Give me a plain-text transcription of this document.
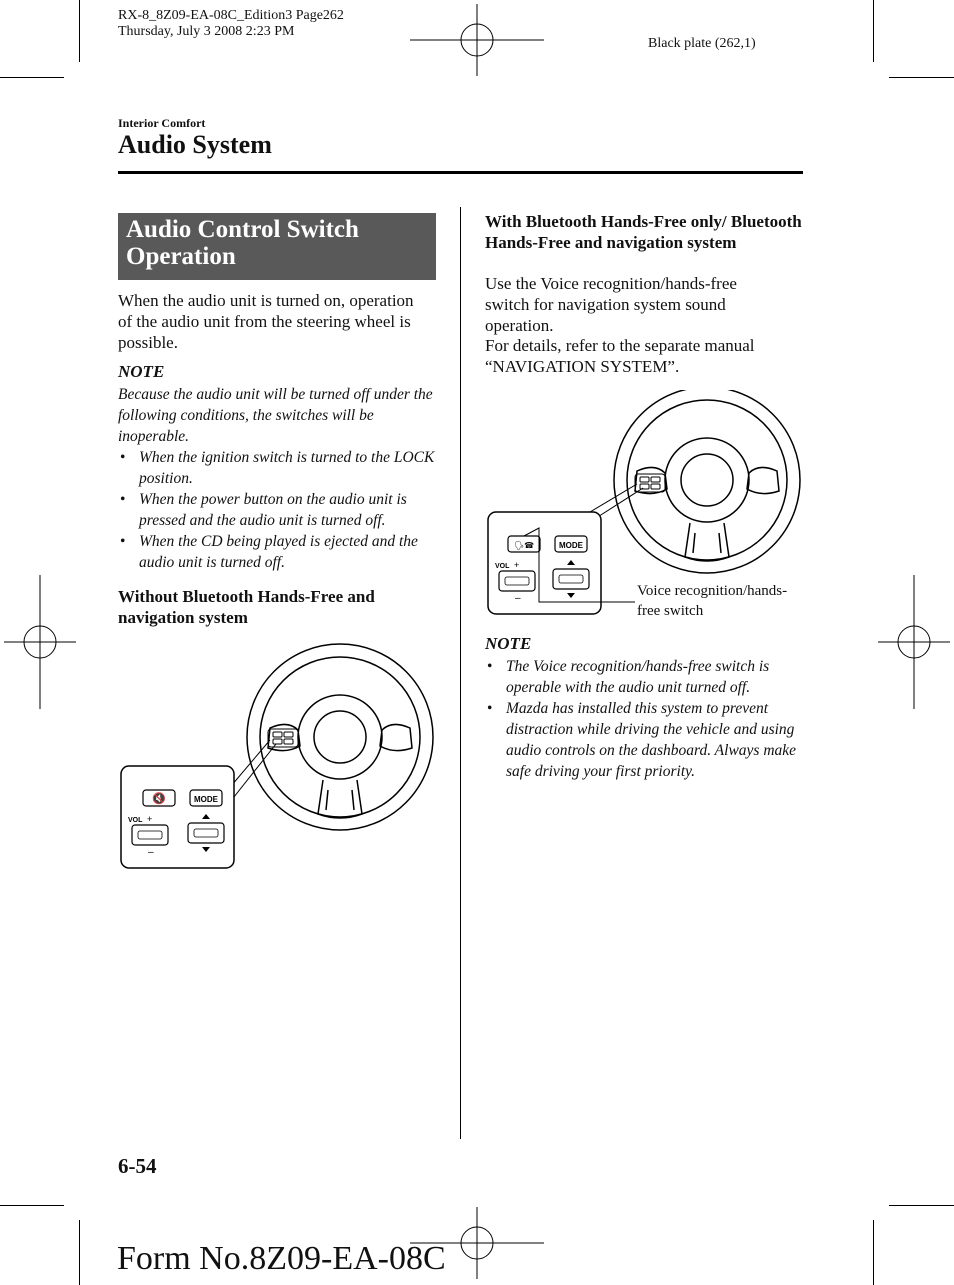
RX-8_8Z09-EA-08C_Edition3 Page262
Thursday, July 3 2008 2:23 PM
Black plate (262,1)
Interior Comfort
Audio System
Audio Control Switch
Operation
When the audio unit is turned on, operation of the audio unit from the steering wheel is possible.
NOTE
Because the audio unit will be turned off under the following conditions, the switches will be inoperable.
• When the ignition switch is turned to the LOCK position.
• When the power button on the audio unit is pressed and the audio unit is turned off.
• When the CD being played is ejected and the audio unit is turned off.
Without Bluetooth Hands-Free and navigation system
🔇	MODE
VOL +
–
With Bluetooth Hands-Free only/ Bluetooth Hands-Free and navigation system
Use the Voice recognition/hands-free switch for navigation system sound operation.
For details, refer to the separate manual “NAVIGATION SYSTEM”.
🗣☎	MODE
VOL +
–	Voice recognition/hands-
free switch
NOTE
• The Voice recognition/hands-free switch is operable with the audio unit turned off.
• Mazda has installed this system to prevent distraction while driving the vehicle and using audio controls on the dashboard. Always make safe driving your first priority.
6-54
Form No.8Z09-EA-08C
